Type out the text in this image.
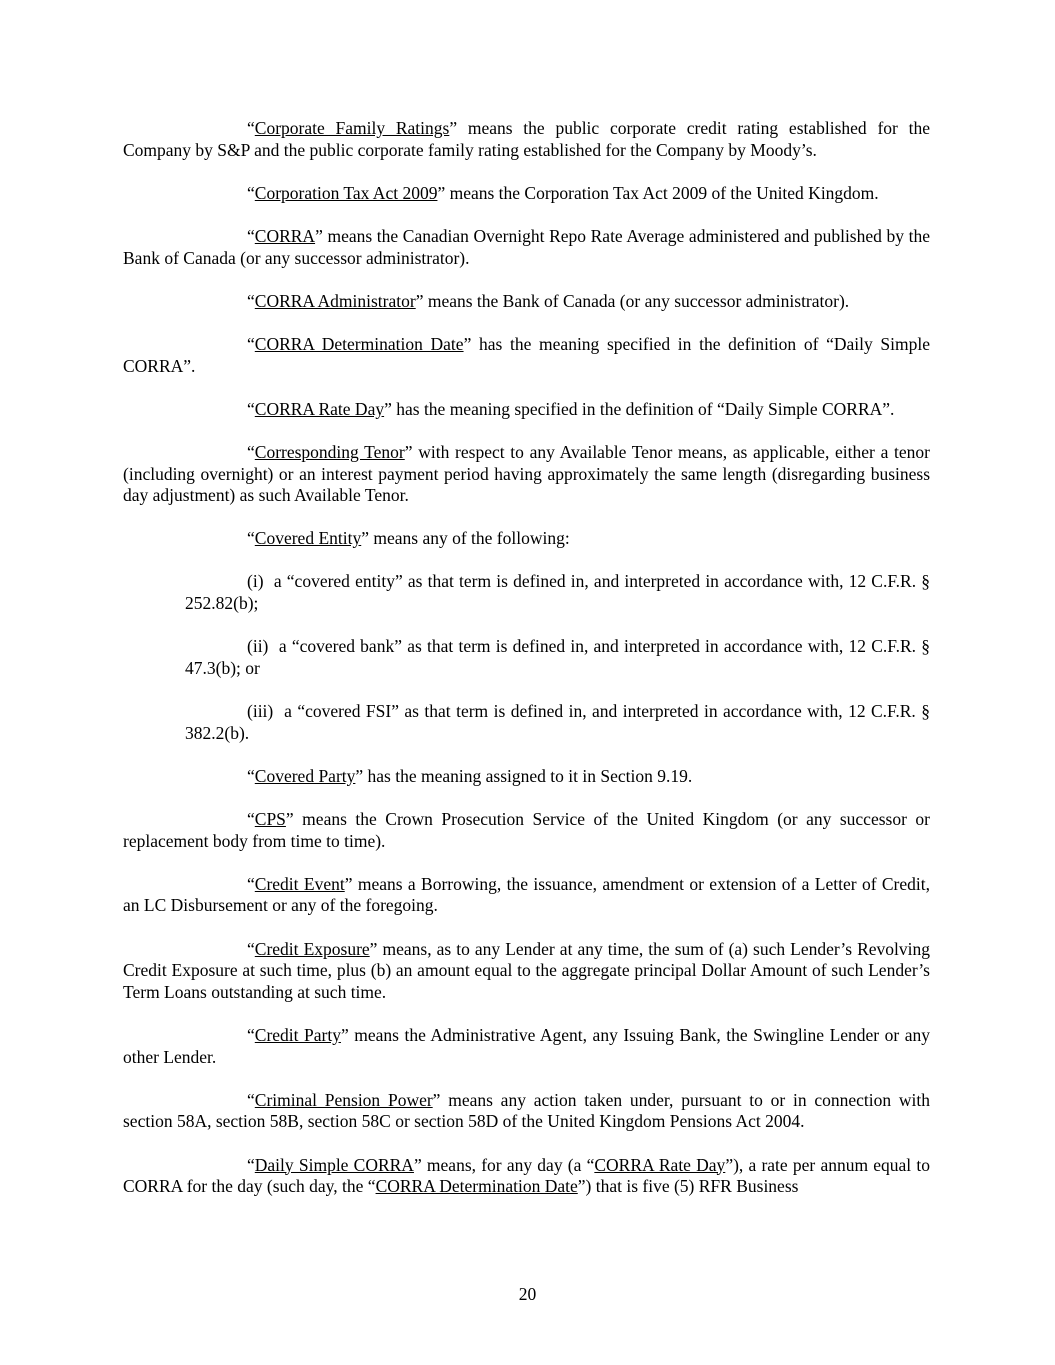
“Corporate Family Ratings” means the public corporate credit rating established for the Company by S&P and the public corporate family rating established for the Company by Moody’s.

“Corporation Tax Act 2009” means the Corporation Tax Act 2009 of the United Kingdom.

“CORRA” means the Canadian Overnight Repo Rate Average administered and published by the Bank of Canada (or any successor administrator).

“CORRA Administrator” means the Bank of Canada (or any successor administrator).

“CORRA Determination Date” has the meaning specified in the definition of “Daily Simple CORRA”.

“CORRA Rate Day” has the meaning specified in the definition of “Daily Simple CORRA”.

“Corresponding Tenor” with respect to any Available Tenor means, as applicable, either a tenor (including overnight) or an interest payment period having approximately the same length (disregarding business day adjustment) as such Available Tenor.

“Covered Entity” means any of the following:

(i)  a “covered entity” as that term is defined in, and interpreted in accordance with, 12 C.F.R. § 252.82(b);

(ii)  a “covered bank” as that term is defined in, and interpreted in accordance with, 12 C.F.R. § 47.3(b); or

(iii)  a “covered FSI” as that term is defined in, and interpreted in accordance with, 12 C.F.R. § 382.2(b).

“Covered Party” has the meaning assigned to it in Section 9.19.

“CPS” means the Crown Prosecution Service of the United Kingdom (or any successor or replacement body from time to time).

“Credit Event” means a Borrowing, the issuance, amendment or extension of a Letter of Credit, an LC Disbursement or any of the foregoing.

“Credit Exposure” means, as to any Lender at any time, the sum of (a) such Lender’s Revolving Credit Exposure at such time, plus (b) an amount equal to the aggregate principal Dollar Amount of such Lender’s Term Loans outstanding at such time.

“Credit Party” means the Administrative Agent, any Issuing Bank, the Swingline Lender or any other Lender.

“Criminal Pension Power” means any action taken under, pursuant to or in connection with section 58A, section 58B, section 58C or section 58D of the United Kingdom Pensions Act 2004.

“Daily Simple CORRA” means, for any day (a “CORRA Rate Day”), a rate per annum equal to CORRA for the day (such day, the “CORRA Determination Date”) that is five (5) RFR Business

20
